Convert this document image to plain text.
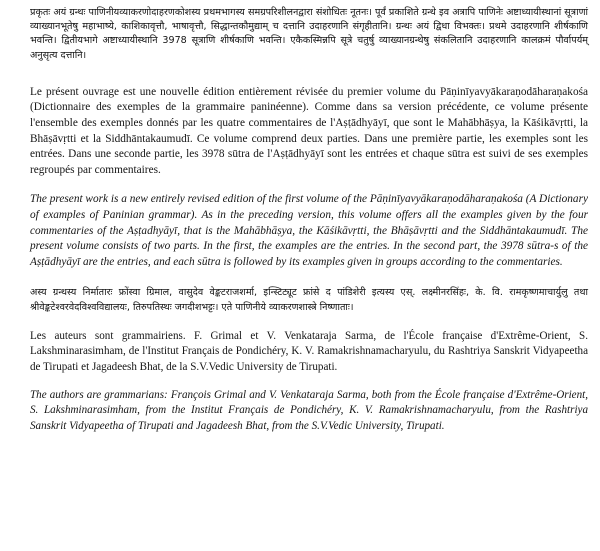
प्रकृतः अयं ग्रन्थः पाणिनीयव्याकरणोदाहरणकोशस्य प्रथमभागस्य समग्रपरिशीलनद्वारा संशोधितः नूतनः। पूर्वं प्रकाशिते ग्रन्थे इव अत्रापि पाणिनेः अष्टाध्यायीस्थानां सूत्राणां व्याख्यानभूतेषु महाभाष्ये, काशिकावृत्तौ, भाषावृत्तौ, सिद्धान्तकौमुद्याम् च दत्तानि उदाहरणानि संगृहीतानि। ग्रन्थः अयं द्विधा विभक्तः। प्रथमे उदाहरणानि शीर्षकाणि भवन्ति। द्वितीयभागे अष्टाध्यायीस्थानि 3978 सूत्राणि शीर्षकाणि भवन्ति। एकैकस्मिन्नपि सूत्रे चतुर्षु व्याख्यानग्रन्थेषु संकलितानि उदाहरणानि कालक्रमं पौर्वापर्यम् अनुसृत्य दत्तानि।

Le présent ouvrage est une nouvelle édition entièrement révisée du premier volume du Pāṇinīyavyākaraṇodāharaṇakośa (Dictionnaire des exemples de la grammaire paninéenne). Comme dans sa version précédente, ce volume présente l'ensemble des exemples donnés par les quatre commentaires de l'Aṣṭādhyāyī, que sont le Mahābhāṣya, la Kāśikāvṛtti, la Bhāṣāvṛtti et la Siddhāntakaumudī. Ce volume comprend deux parties. Dans une première partie, les exemples sont les entrées. Dans une seconde partie, les 3978 sūtra de l'Aṣṭādhyāyī sont les entrées et chaque sūtra est suivi de ses exemples regroupés par commentaires.

The present work is a new entirely revised edition of the first volume of the Pāṇinīyavyākaraṇodāharaṇakośa (A Dictionary of examples of Paninian grammar). As in the preceding version, this volume offers all the examples given by the four commentaries of the Aṣṭadhyāyī, that is the Mahābhāṣya, the Kāśikāvṛtti, the Bhāṣāvṛtti and the Siddhāntakaumudī. The present volume consists of two parts. In the first, the examples are the entries. In the second part, the 3978 sūtra-s of the Aṣṭādhyāyī are the entries, and each sūtra is followed by its examples given in groups according to the commentaries.

अस्य ग्रन्थस्य निर्मातारः फ्रोंस्वा ग्रिमाल, वासुदेव वेङ्कटराजशर्मा, इन्स्टिट्यूट फ्रांसे द पांडिशेरी इत्यस्य एस्. लक्ष्मीनरसिंहः, के. वि. रामकृष्णमाचार्युलु तथा श्रीवेङ्कटेश्वरवेदविश्वविद्यालयः, तिरुपतिस्थः जगदीशभट्टः। एते पाणिनीये व्याकरणशास्त्रे निष्णाताः।

Les auteurs sont grammairiens. F. Grimal et V. Venkataraja Sarma, de l'École française d'Extrême-Orient, S. Lakshminarasimham, de l'Institut Français de Pondichéry, K. V. Ramakrishnamacharyulu, du Rashtriya Sanskrit Vidyapeetha de Tirupati et Jagadeesh Bhat, de la S.V.Vedic University de Tirupati.

The authors are grammarians: François Grimal and V. Venkataraja Sarma, both from the École française d'Extrême-Orient, S. Lakshminarasimham, from the Institut Français de Pondichéry, K. V. Ramakrishnamacharyulu, from the Rashtriya Sanskrit Vidyapeetha of Tirupati and Jagadeesh Bhat, from the S.V.Vedic University, Tirupati.
